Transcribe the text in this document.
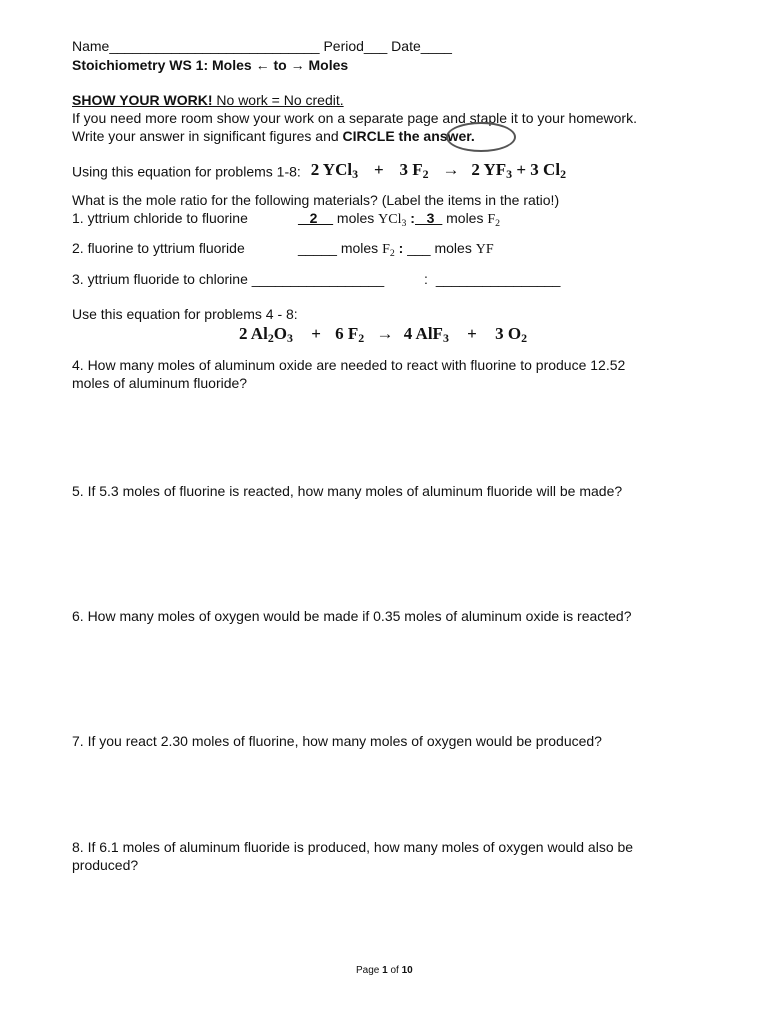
Name___________________________ Period___ Date____
Stoichiometry WS 1: Moles ← to → Moles
SHOW YOUR WORK! No work = No credit.
If you need more room show your work on a separate page and staple it to your homework.
Write your answer in significant figures and CIRCLE the answer.
Using this equation for problems 1-8: 2 YCl$_3$ + 3 $F_2 \to 2$ $YF_3 + 3$ $Cl_2$
What is the mole ratio for the following materials? (Label the items in the ratio!)
1. yttrium chloride to fluorine	_ 2__ moles YCl$_3$ : _3_ moles $F_2$
2. fluorine to yttrium fluoride	_____ moles $F_2$ : ___ moles YF
3. yttrium fluoride to chlorine _________________	: ________________
Use this equation for problems 4 - 8:
2 $Al_2O_3 + 6$ $F_2 \to 4$ AlF$_3$ + 3 $O_2$
4. How many moles of aluminum oxide are needed to react with fluorine to produce 12.52
moles of aluminum fluoride?
5. If 5.3 moles of fluorine is reacted, how many moles of aluminum fluoride will be made?
6. How many moles of oxygen would be made if 0.35 moles of aluminum oxide is reacted?
7. If you react 2.30 moles of fluorine, how many moles of oxygen would be produced?
8. If 6.1 moles of aluminum fluoride is produced, how many moles of oxygen would also be
produced?
Page 1 of 10
